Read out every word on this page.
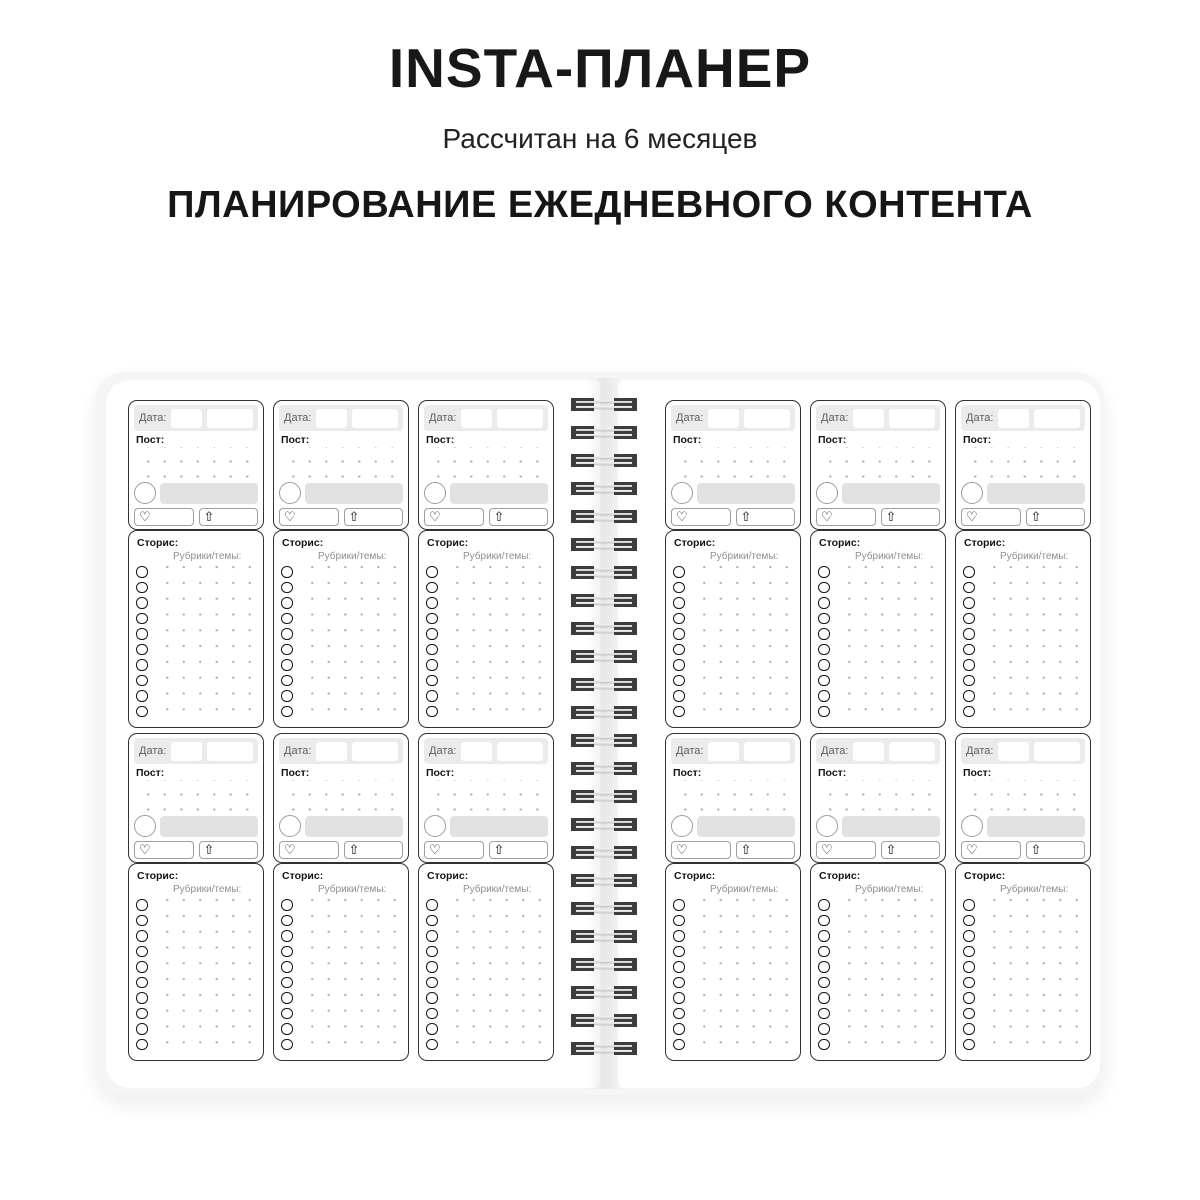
INSTA-ПЛАНЕР

Рассчитан на 6 месяцев

ПЛАНИРОВАНИЕ ЕЖЕДНЕВНОГО КОНТЕНТА

Дата:
Пост:
♡	⇧
Сторис:
Рубрики/темы:
Дата:
Пост:
♡	⇧
Сторис:
Рубрики/темы:
Дата:
Пост:
♡	⇧
Сторис:
Рубрики/темы:
Дата:
Пост:
♡	⇧
Сторис:
Рубрики/темы:
Дата:
Пост:
♡	⇧
Сторис:
Рубрики/темы:
Дата:
Пост:
♡	⇧
Сторис:
Рубрики/темы:
Дата:
Пост:
♡	⇧
Сторис:
Рубрики/темы:
Дата:
Пост:
♡	⇧
Сторис:
Рубрики/темы:
Дата:
Пост:
♡	⇧
Сторис:
Рубрики/темы:
Дата:
Пост:
♡	⇧
Сторис:
Рубрики/темы:
Дата:
Пост:
♡	⇧
Сторис:
Рубрики/темы:
Дата:
Пост:
♡	⇧
Сторис:
Рубрики/темы:
